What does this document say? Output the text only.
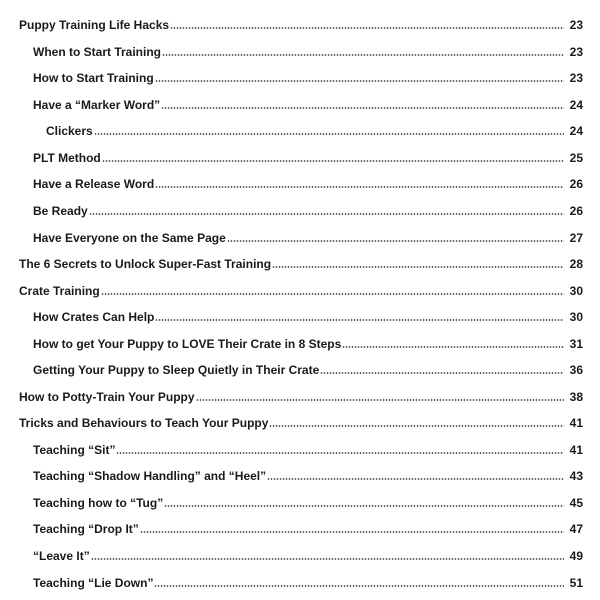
Puppy Training Life Hacks	23
When to Start Training	23
How to Start Training	23
Have a “Marker Word”	24
Clickers	24
PLT Method	25
Have a Release Word	26
Be Ready	26
Have Everyone on the Same Page	27
The 6 Secrets to Unlock Super-Fast Training	28
Crate Training	30
How Crates Can Help	30
How to get Your Puppy to LOVE Their Crate in 8 Steps	31
Getting Your Puppy to Sleep Quietly in Their Crate	36
How to Potty-Train Your Puppy	38
Tricks and Behaviours to Teach Your Puppy	41
Teaching “Sit”	41
Teaching “Shadow Handling” and “Heel”	43
Teaching how to “Tug”	45
Teaching “Drop It”	47
“Leave It”	49
Teaching “Lie Down”	51
